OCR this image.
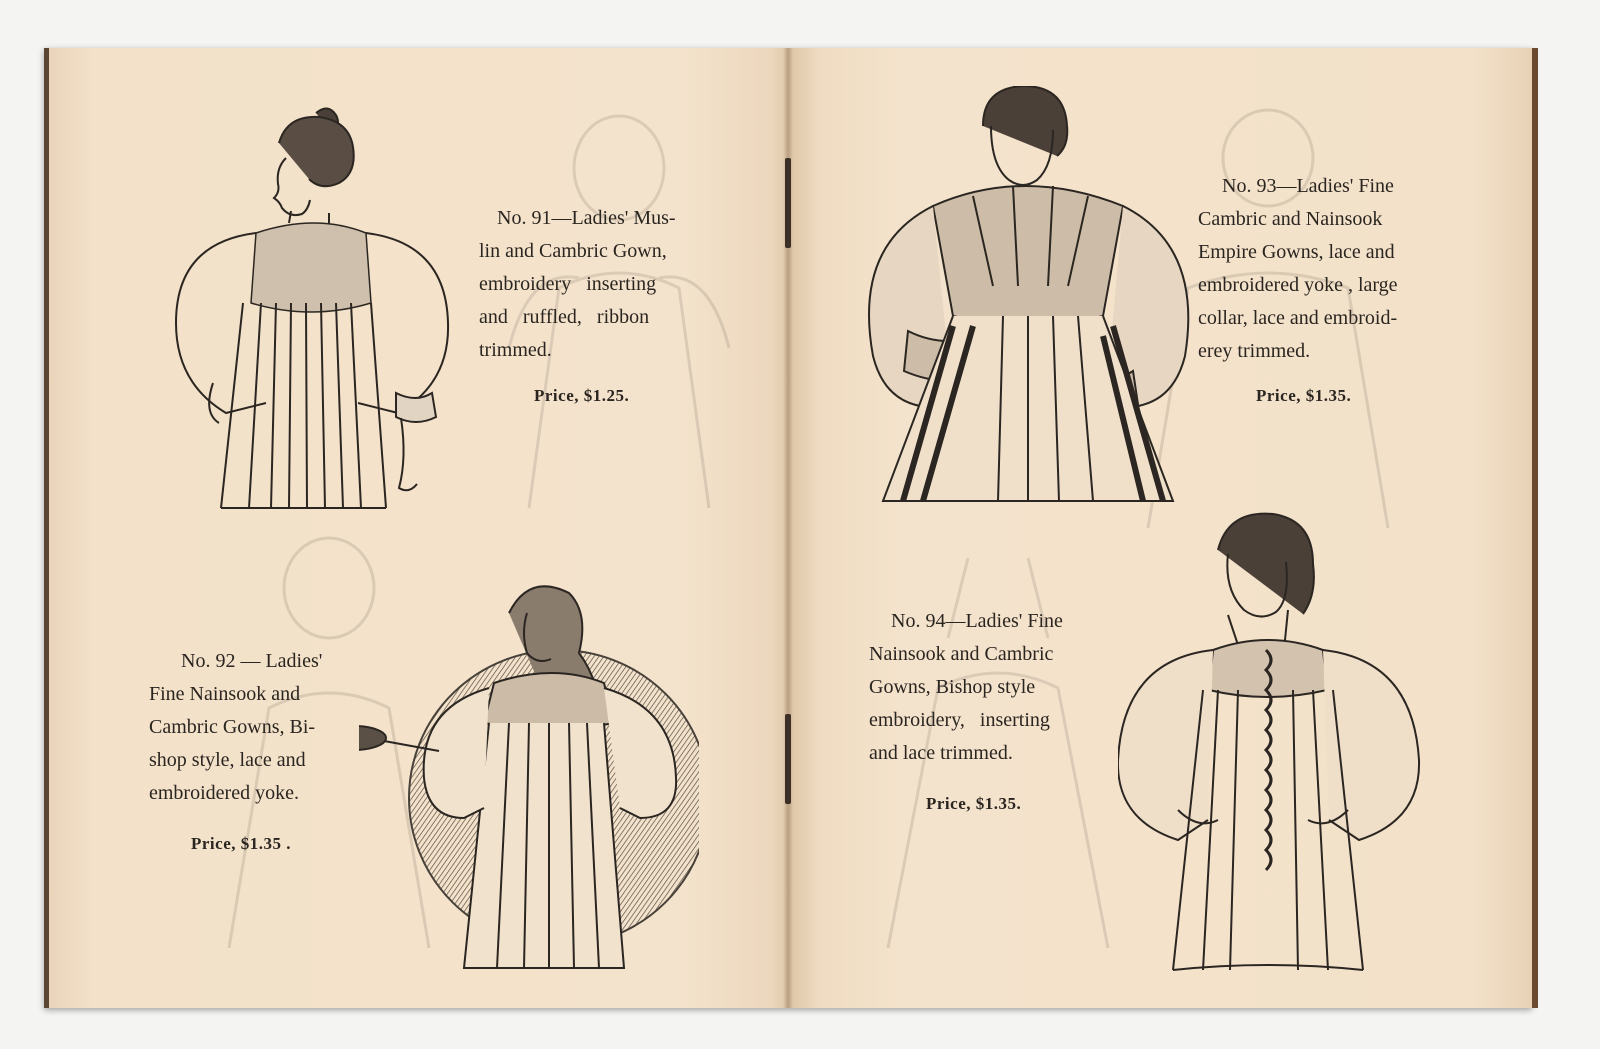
No. 91—Ladies' Mus-
lin and Cambric Gown,
embroidery   inserting
and   ruffled,   ribbon
trimmed.

Price, $1.25.

No. 92 — Ladies'
Fine Nainsook and
Cambric Gowns, Bi-
shop style, lace and
embroidered yoke.

Price, $1.35 .

No. 93—Ladies' Fine
Cambric and Nainsook
Empire Gowns, lace and
embroidered yoke , large
collar, lace and embroid-
erey trimmed.

Price, $1.35.

No. 94—Ladies' Fine
Nainsook and Cambric
Gowns, Bishop style
embroidery,   inserting
and lace trimmed.

Price, $1.35.
